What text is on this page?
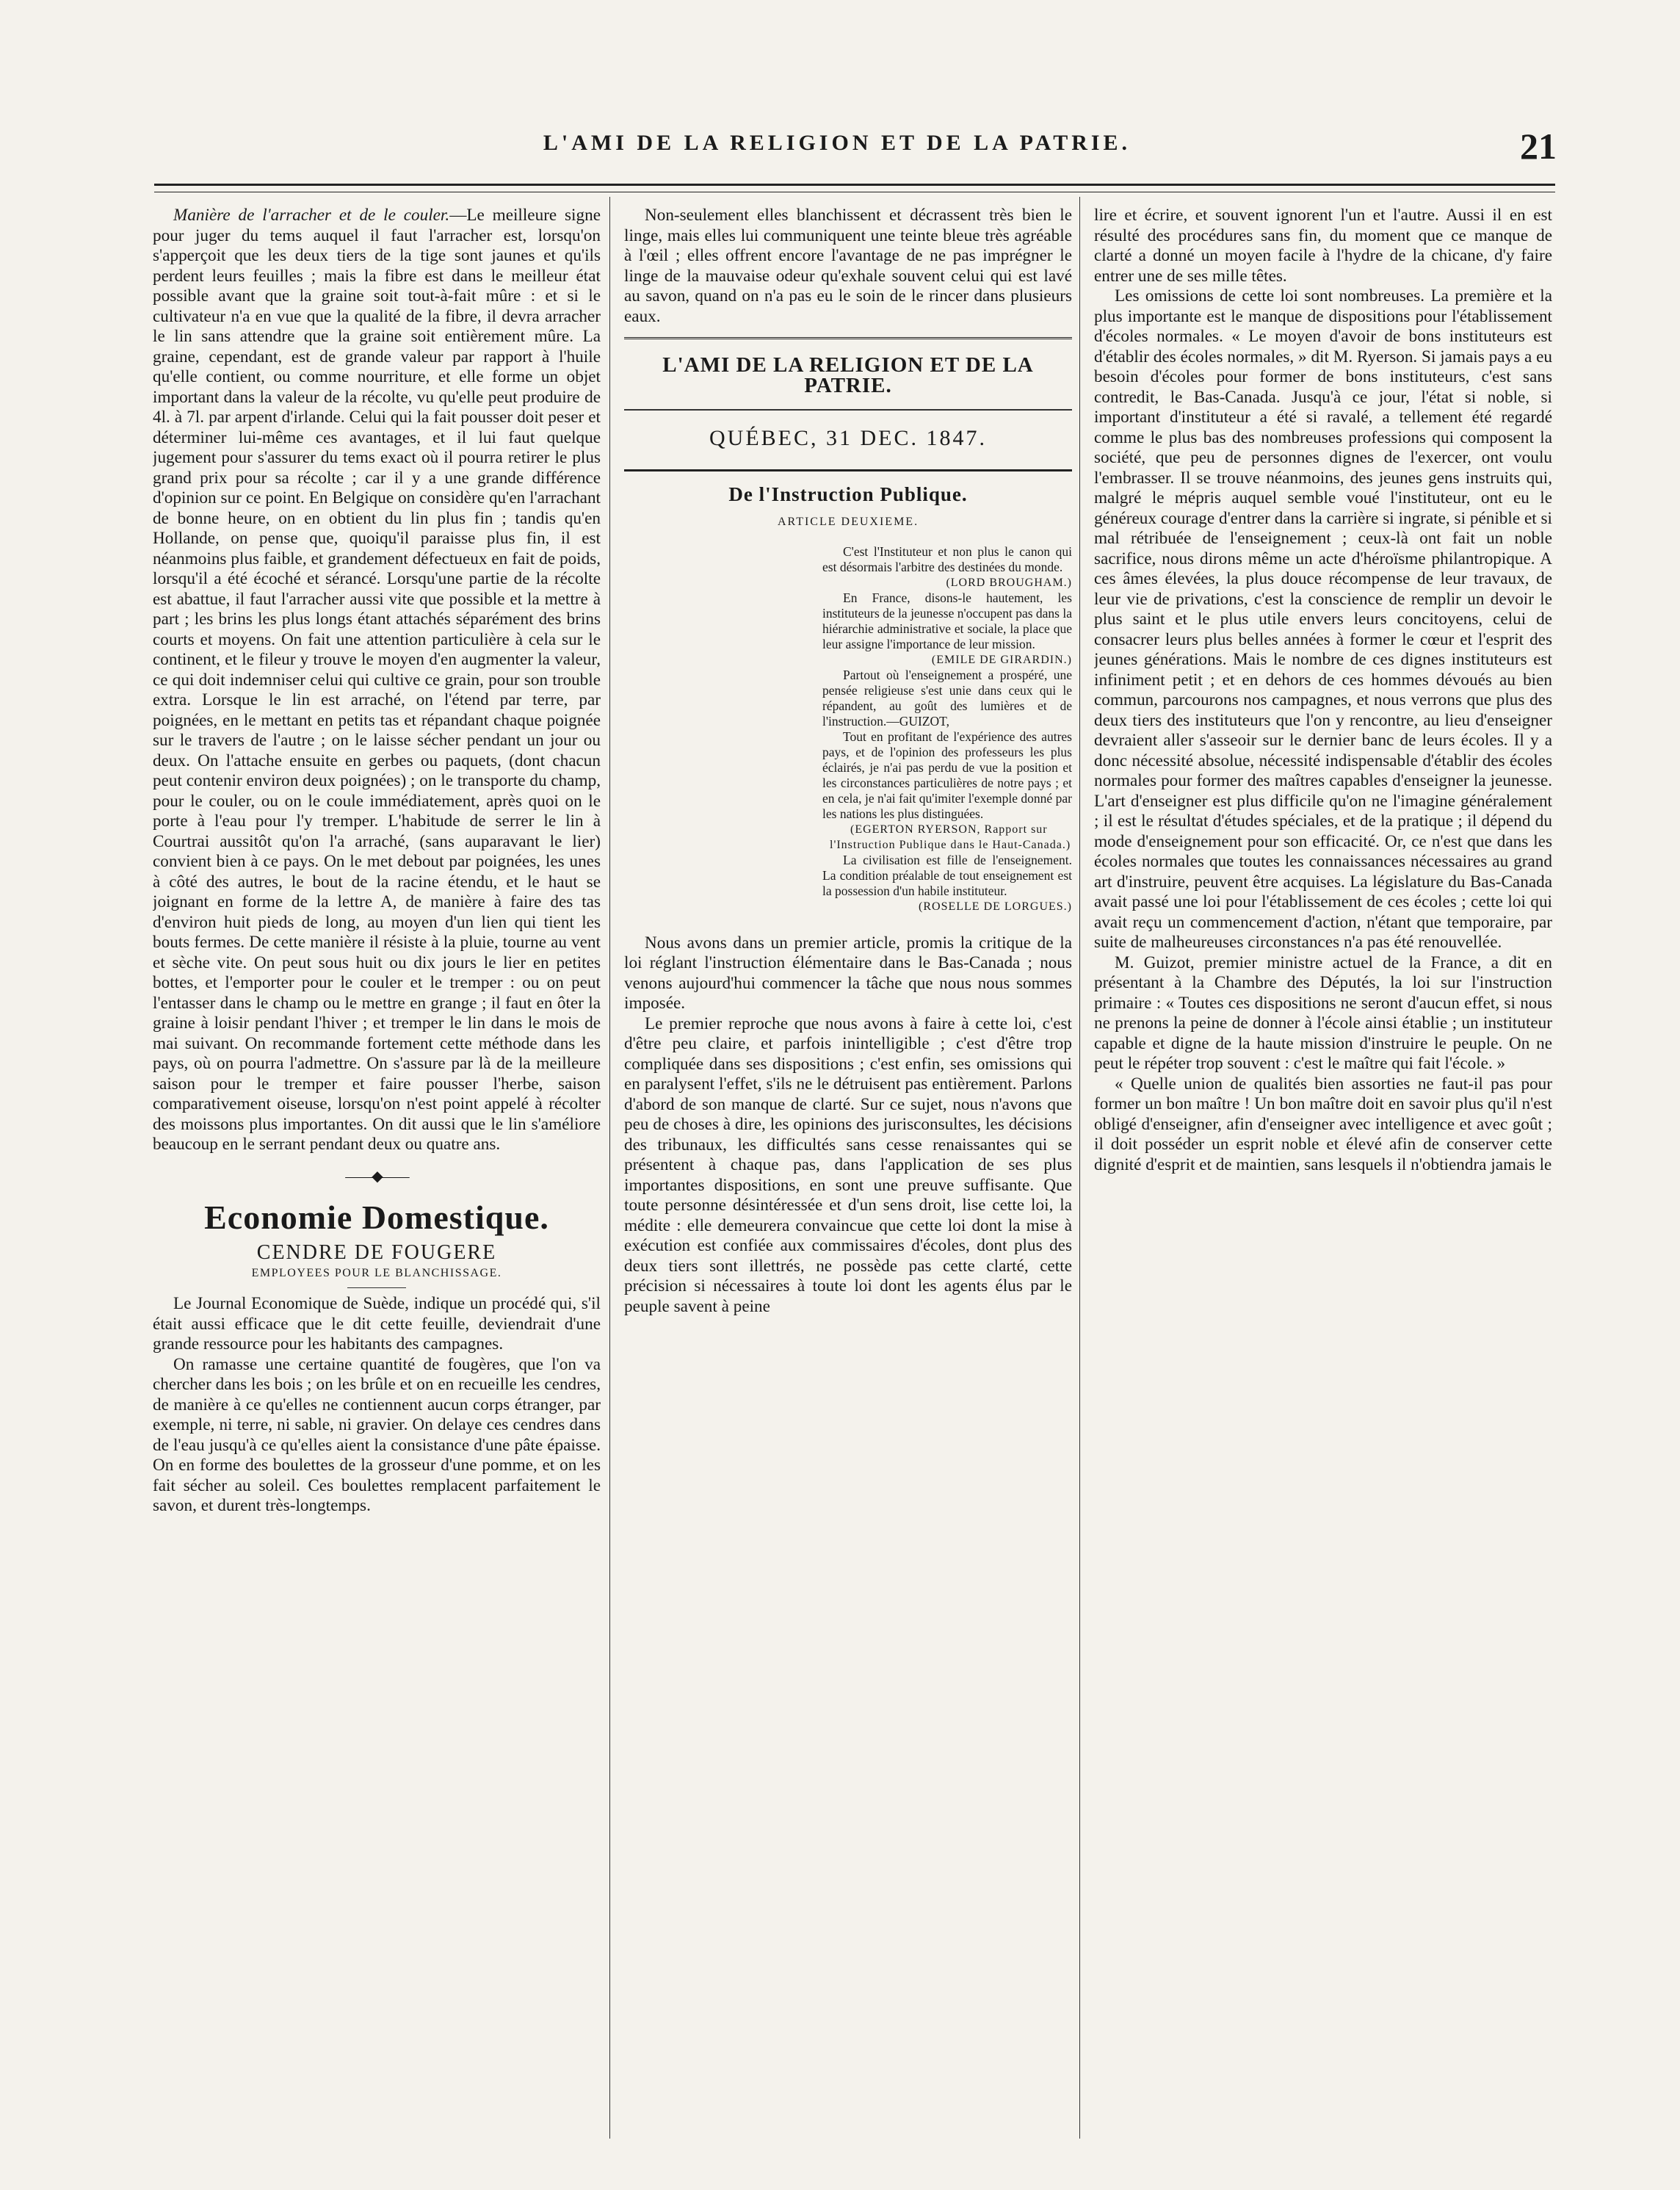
L'AMI DE LA RELIGION ET DE LA PATRIE.	21

Manière de l'arracher et de le couler.—Le meilleure signe pour juger du tems auquel il faut l'arracher est, lorsqu'on s'apperçoit que les deux tiers de la tige sont jaunes et qu'ils perdent leurs feuilles ; mais la fibre est dans le meilleur état possible avant que la graine soit tout-à-fait mûre : et si le cultivateur n'a en vue que la qualité de la fibre, il devra arracher le lin sans attendre que la graine soit entièrement mûre. La graine, cependant, est de grande valeur par rapport à l'huile qu'elle contient, ou comme nourriture, et elle forme un objet important dans la valeur de la récolte, vu qu'elle peut produire de 4l. à 7l. par arpent d'irlande. Celui qui la fait pousser doit peser et déterminer lui-même ces avantages, et il lui faut quelque jugement pour s'assurer du tems exact où il pourra retirer le plus grand prix pour sa récolte ; car il y a une grande différence d'opinion sur ce point. En Belgique on considère qu'en l'arrachant de bonne heure, on en obtient du lin plus fin ; tandis qu'en Hollande, on pense que, quoiqu'il paraisse plus fin, il est néanmoins plus faible, et grandement défectueux en fait de poids, lorsqu'il a été écoché et sérancé. Lorsqu'une partie de la récolte est abattue, il faut l'arracher aussi vite que possible et la mettre à part ; les brins les plus longs étant attachés séparément des brins courts et moyens. On fait une attention particulière à cela sur le continent, et le fileur y trouve le moyen d'en augmenter la valeur, ce qui doit indemniser celui qui cultive ce grain, pour son trouble extra. Lorsque le lin est arraché, on l'étend par terre, par poignées, en le mettant en petits tas et répandant chaque poignée sur le travers de l'autre ; on le laisse sécher pendant un jour ou deux. On l'attache ensuite en gerbes ou paquets, (dont chacun peut contenir environ deux poignées) ; on le transporte du champ, pour le couler, ou on le coule immédiatement, après quoi on le porte à l'eau pour l'y tremper. L'habitude de serrer le lin à Courtrai aussitôt qu'on l'a arraché, (sans auparavant le lier) convient bien à ce pays. On le met debout par poignées, les unes à côté des autres, le bout de la racine étendu, et le haut se joignant en forme de la lettre A, de manière à faire des tas d'environ huit pieds de long, au moyen d'un lien qui tient les bouts fermes. De cette manière il résiste à la pluie, tourne au vent et sèche vite. On peut sous huit ou dix jours le lier en petites bottes, et l'emporter pour le couler et le tremper : ou on peut l'entasser dans le champ ou le mettre en grange ; il faut en ôter la graine à loisir pendant l'hiver ; et tremper le lin dans le mois de mai suivant. On recommande fortement cette méthode dans les pays, où on pourra l'admettre. On s'assure par là de la meilleure saison pour le tremper et faire pousser l'herbe, saison comparativement oiseuse, lorsqu'on n'est point appelé à récolter des moissons plus importantes. On dit aussi que le lin s'améliore beaucoup en le serrant pendant deux ou quatre ans.

——◆——
Economie Domestique.
CENDRE DE FOUGERE
EMPLOYEES POUR LE BLANCHISSAGE.

Le Journal Economique de Suède, indique un procédé qui, s'il était aussi efficace que le dit cette feuille, deviendrait d'une grande ressource pour les habitants des campagnes.

On ramasse une certaine quantité de fougères, que l'on va chercher dans les bois ; on les brûle et on en recueille les cendres, de manière à ce qu'elles ne contiennent aucun corps étranger, par exemple, ni terre, ni sable, ni gravier. On delaye ces cendres dans de l'eau jusqu'à ce qu'elles aient la consistance d'une pâte épaisse. On en forme des boulettes de la grosseur d'une pomme, et on les fait sécher au soleil. Ces boulettes remplacent parfaitement le savon, et durent très-longtemps.

Non-seulement elles blanchissent et décrassent très bien le linge, mais elles lui communiquent une teinte bleue très agréable à l'œil ; elles offrent encore l'avantage de ne pas imprégner le linge de la mauvaise odeur qu'exhale souvent celui qui est lavé au savon, quand on n'a pas eu le soin de le rincer dans plusieurs eaux.

L'AMI DE LA RELIGION ET DE LA PATRIE.
QUÉBEC, 31 DEC. 1847.
De l'Instruction Publique.
ARTICLE DEUXIEME.

C'est l'Instituteur et non plus le canon qui est désormais l'arbitre des destinées du monde.

(LORD BROUGHAM.)

En France, disons-le hautement, les instituteurs de la jeunesse n'occupent pas dans la hiérarchie administrative et sociale, la place que leur assigne l'importance de leur mission.

(EMILE DE GIRARDIN.)

Partout où l'enseignement a prospéré, une pensée religieuse s'est unie dans ceux qui le répandent, au goût des lumières et de l'instruction.—GUIZOT,

Tout en profitant de l'expérience des autres pays, et de l'opinion des professeurs les plus éclairés, je n'ai pas perdu de vue la position et les circonstances particulières de notre pays ; et en cela, je n'ai fait qu'imiter l'exemple donné par les nations les plus distinguées.

(EGERTON RYERSON, Rapport sur l'Instruction Publique dans le Haut-Canada.)

La civilisation est fille de l'enseignement. La condition préalable de tout enseignement est la possession d'un habile instituteur.

(ROSELLE DE LORGUES.)

Nous avons dans un premier article, promis la critique de la loi réglant l'instruction élémentaire dans le Bas-Canada ; nous venons aujourd'hui commencer la tâche que nous nous sommes imposée.

Le premier reproche que nous avons à faire à cette loi, c'est d'être peu claire, et parfois inintelligible ; c'est d'être trop compliquée dans ses dispositions ; c'est enfin, ses omissions qui en paralysent l'effet, s'ils ne le détruisent pas entièrement. Parlons d'abord de son manque de clarté. Sur ce sujet, nous n'avons que peu de choses à dire, les opinions des jurisconsultes, les décisions des tribunaux, les difficultés sans cesse renaissantes qui se présentent à chaque pas, dans l'application de ses plus importantes dispositions, en sont une preuve suffisante. Que toute personne désintéressée et d'un sens droit, lise cette loi, la médite : elle demeurera convaincue que cette loi dont la mise à exécution est confiée aux commissaires d'écoles, dont plus des deux tiers sont illettrés, ne possède pas cette clarté, cette précision si nécessaires à toute loi dont les agents élus par le peuple savent à peine

lire et écrire, et souvent ignorent l'un et l'autre. Aussi il en est résulté des procédures sans fin, du moment que ce manque de clarté a donné un moyen facile à l'hydre de la chicane, d'y faire entrer une de ses mille têtes.

Les omissions de cette loi sont nombreuses. La première et la plus importante est le manque de dispositions pour l'établissement d'écoles normales. « Le moyen d'avoir de bons instituteurs est d'établir des écoles normales, » dit M. Ryerson. Si jamais pays a eu besoin d'écoles pour former de bons instituteurs, c'est sans contredit, le Bas-Canada. Jusqu'à ce jour, l'état si noble, si important d'instituteur a été si ravalé, a tellement été regardé comme le plus bas des nombreuses professions qui composent la société, que peu de personnes dignes de l'exercer, ont voulu l'embrasser. Il se trouve néanmoins, des jeunes gens instruits qui, malgré le mépris auquel semble voué l'instituteur, ont eu le généreux courage d'entrer dans la carrière si ingrate, si pénible et si mal rétribuée de l'enseignement ; ceux-là ont fait un noble sacrifice, nous dirons même un acte d'héroïsme philantropique. A ces âmes élevées, la plus douce récompense de leur travaux, de leur vie de privations, c'est la conscience de remplir un devoir le plus saint et le plus utile envers leurs concitoyens, celui de consacrer leurs plus belles années à former le cœur et l'esprit des jeunes générations. Mais le nombre de ces dignes instituteurs est infiniment petit ; et en dehors de ces hommes dévoués au bien commun, parcourons nos campagnes, et nous verrons que plus des deux tiers des instituteurs que l'on y rencontre, au lieu d'enseigner devraient aller s'asseoir sur le dernier banc de leurs écoles. Il y a donc nécessité absolue, nécessité indispensable d'établir des écoles normales pour former des maîtres capables d'enseigner la jeunesse. L'art d'enseigner est plus difficile qu'on ne l'imagine généralement ; il est le résultat d'études spéciales, et de la pratique ; il dépend du mode d'enseignement pour son efficacité. Or, ce n'est que dans les écoles normales que toutes les connaissances nécessaires au grand art d'instruire, peuvent être acquises. La législature du Bas-Canada avait passé une loi pour l'établissement de ces écoles ; cette loi qui avait reçu un commencement d'action, n'étant que temporaire, par suite de malheureuses circonstances n'a pas été renouvellée.

M. Guizot, premier ministre actuel de la France, a dit en présentant à la Chambre des Députés, la loi sur l'instruction primaire : « Toutes ces dispositions ne seront d'aucun effet, si nous ne prenons la peine de donner à l'école ainsi établie ; un instituteur capable et digne de la haute mission d'instruire le peuple. On ne peut le répéter trop souvent : c'est le maître qui fait l'école. »

« Quelle union de qualités bien assorties ne faut-il pas pour former un bon maître ! Un bon maître doit en savoir plus qu'il n'est obligé d'enseigner, afin d'enseigner avec intelligence et avec goût ; il doit posséder un esprit noble et élevé afin de conserver cette dignité d'esprit et de maintien, sans lesquels il n'obtiendra jamais le
